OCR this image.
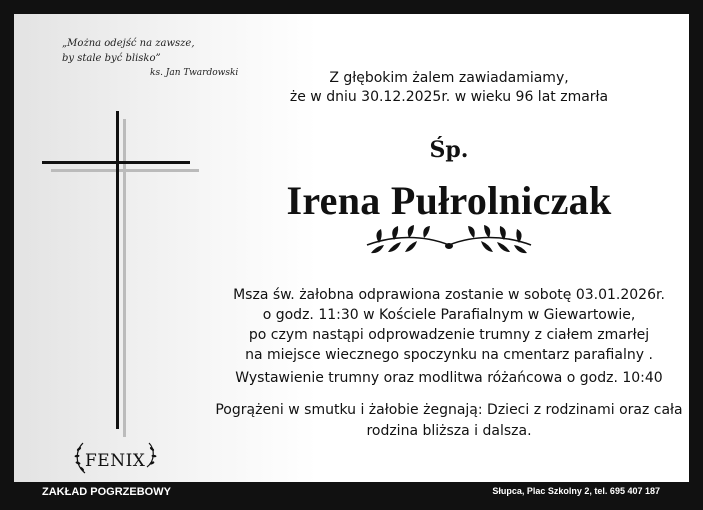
„Można odejść na zawsze,
by stale być blisko”
ks. Jan Twardowski
FENIX
Z głębokim żalem zawiadamiamy,
że w dniu 30.12.2025r. w wieku 96 lat zmarła
Śp.
Irena Pułrolniczak
Msza św. żałobna odprawiona zostanie w sobotę 03.01.2026r.
o godz. 11:30 w Kościele Parafialnym w Giewartowie,
po czym nastąpi odprowadzenie trumny z ciałem zmarłej
na miejsce wiecznego spoczynku na cmentarz parafialny .
Wystawienie trumny oraz modlitwa różańcowa o godz. 10:40
Pogrążeni w smutku i żałobie żegnają: Dzieci z rodzinami oraz cała
rodzina bliższa i dalsza.
ZAKŁAD POGRZEBOWY	Słupca, Plac Szkolny 2, tel. 695 407 187
